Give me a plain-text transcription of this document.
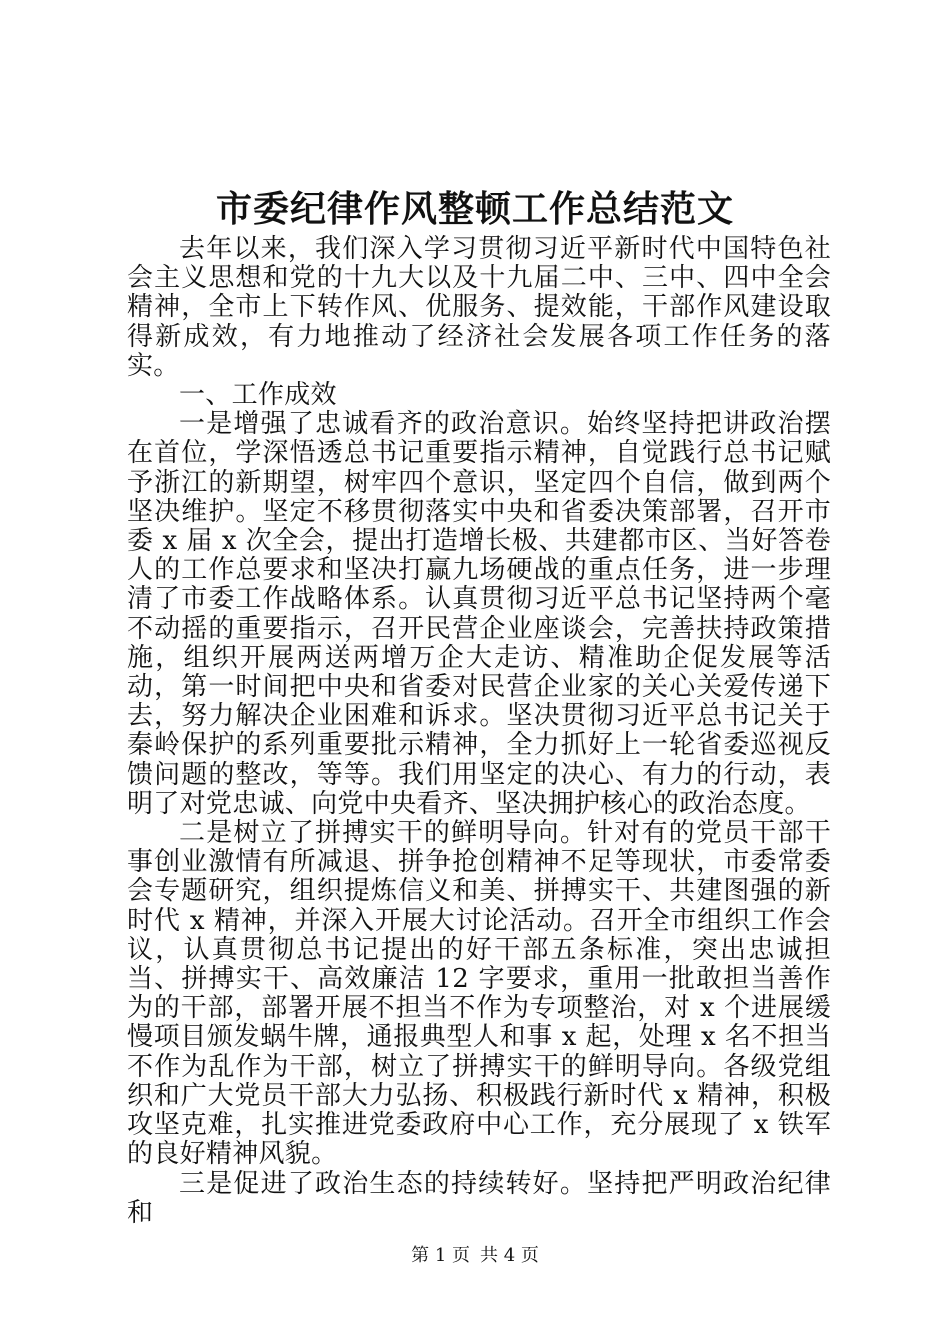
市委纪律作风整顿工作总结范文

去年以来，我们深入学习贯彻习近平新时代中国特色社会主义思想和党的十九大以及十九届二中、三中、四中全会精神，全市上下转作风、优服务、提效能，干部作风建设取得新成效，有力地推动了经济社会发展各项工作任务的落实。

一、工作成效

一是增强了忠诚看齐的政治意识。始终坚持把讲政治摆在首位，学深悟透总书记重要指示精神，自觉践行总书记赋予浙江的新期望，树牢四个意识，坚定四个自信，做到两个坚决维护。坚定不移贯彻落实中央和省委决策部署，召开市委 x 届 x 次全会，提出打造增长极、共建都市区、当好答卷人的工作总要求和坚决打赢九场硬战的重点任务，进一步理清了市委工作战略体系。认真贯彻习近平总书记坚持两个毫不动摇的重要指示，召开民营企业座谈会，完善扶持政策措施，组织开展两送两增万企大走访、精准助企促发展等活动，第一时间把中央和省委对民营企业家的关心关爱传递下去，努力解决企业困难和诉求。坚决贯彻习近平总书记关于秦岭保护的系列重要批示精神，全力抓好上一轮省委巡视反馈问题的整改，等等。我们用坚定的决心、有力的行动，表明了对党忠诚、向党中央看齐、坚决拥护核心的政治态度。

二是树立了拼搏实干的鲜明导向。针对有的党员干部干事创业激情有所减退、拼争抢创精神不足等现状，市委常委会专题研究，组织提炼信义和美、拼搏实干、共建图强的新时代 x 精神，并深入开展大讨论活动。召开全市组织工作会议，认真贯彻总书记提出的好干部五条标准，突出忠诚担当、拼搏实干、高效廉洁 12 字要求，重用一批敢担当善作为的干部，部署开展不担当不作为专项整治，对 x 个进展缓慢项目颁发蜗牛牌，通报典型人和事 x 起，处理 x 名不担当不作为乱作为干部，树立了拼搏实干的鲜明导向。各级党组织和广大党员干部大力弘扬、积极践行新时代 x 精神，积极攻坚克难，扎实推进党委政府中心工作，充分展现了 x 铁军的良好精神风貌。

三是促进了政治生态的持续转好。坚持把严明政治纪律和

第 1 页 共 4 页
